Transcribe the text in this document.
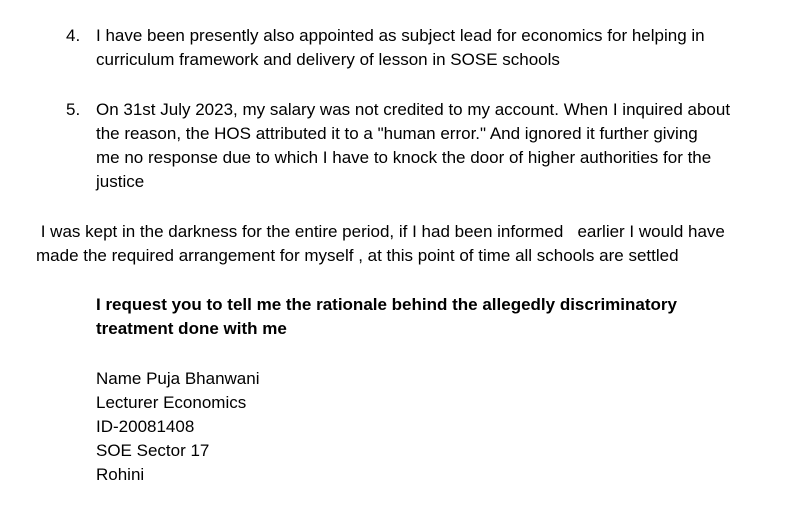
4. I have been presently also appointed as subject lead for economics for helping in
curriculum framework and delivery of lesson in SOSE schools
5. On 31st July 2023, my salary was not credited to my account. When I inquired about
the reason, the HOS attributed it to a "human error." And ignored it further giving
me no response due to which I have to knock the door of higher authorities for the
justice
I was kept in the darkness for the entire period, if I had been informed   earlier I would have
made the required arrangement for myself , at this point of time all schools are settled
I request you to tell me the rationale behind the allegedly discriminatory
treatment done with me
Name Puja Bhanwani
Lecturer Economics
ID-20081408
SOE Sector 17
Rohini
